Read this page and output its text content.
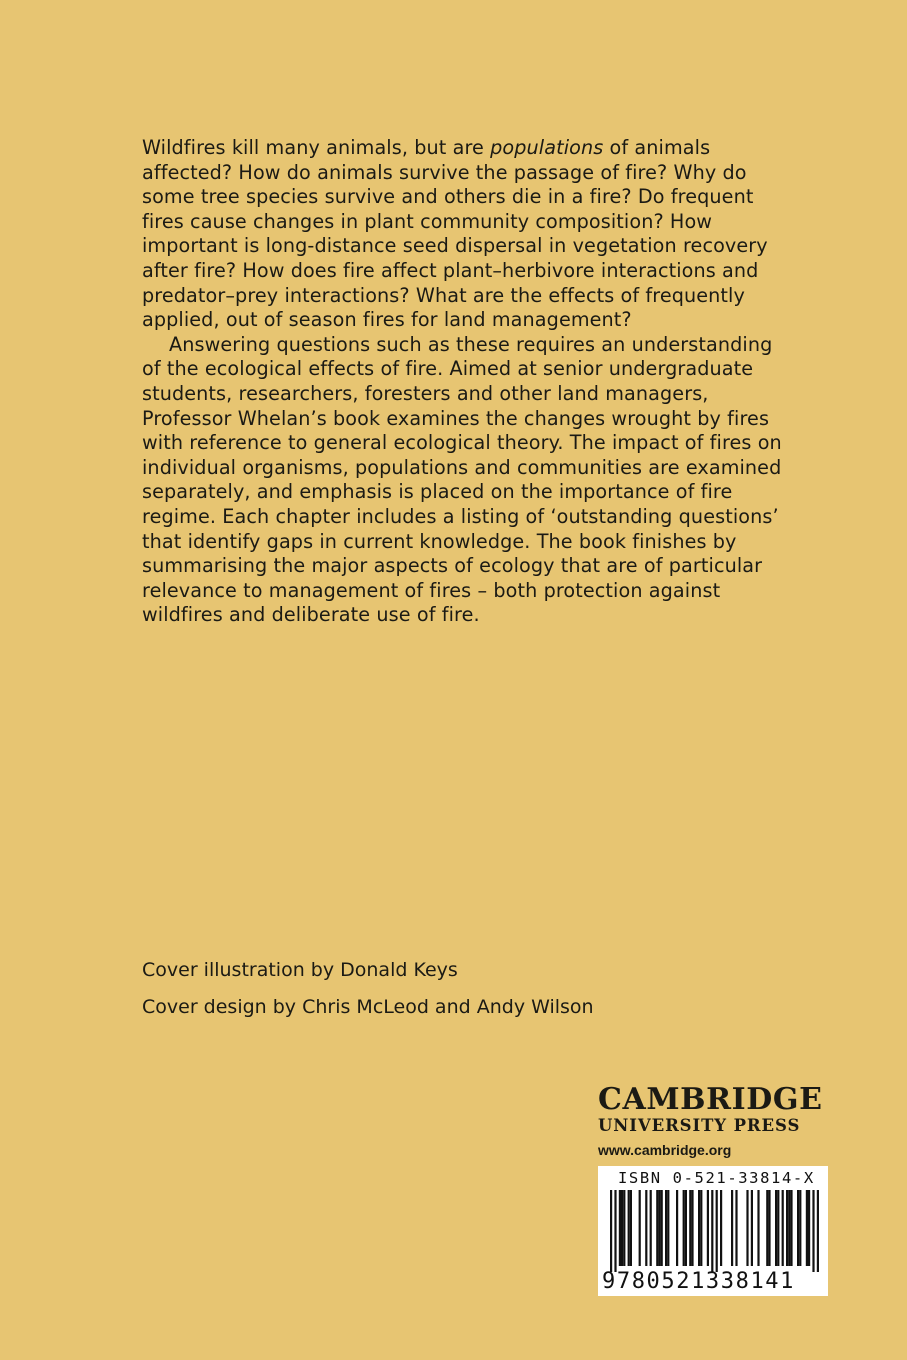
Wildfires kill many animals, but are populations of animals affected? How do animals survive the passage of fire? Why do some tree species survive and others die in a fire? Do frequent fires cause changes in plant community composition? How important is long-distance seed dispersal in vegetation recovery after fire? How does fire affect plant–herbivore interactions and predator–prey interactions? What are the effects of frequently applied, out of season fires for land management?

Answering questions such as these requires an understanding of the ecological effects of fire. Aimed at senior undergraduate students, researchers, foresters and other land managers, Professor Whelan’s book examines the changes wrought by fires with reference to general ecological theory. The impact of fires on individual organisms, populations and communities are examined separately, and emphasis is placed on the importance of fire regime. Each chapter includes a listing of ‘outstanding questions’ that identify gaps in current knowledge. The book finishes by summarising the major aspects of ecology that are of particular relevance to management of fires – both protection against wildfires and deliberate use of fire.

Cover illustration by Donald Keys
Cover design by Chris McLeod and Andy Wilson
CAMBRIDGE
UNIVERSITY PRESS
www.cambridge.org
ISBN 0-521-33814-X
9780521338141
